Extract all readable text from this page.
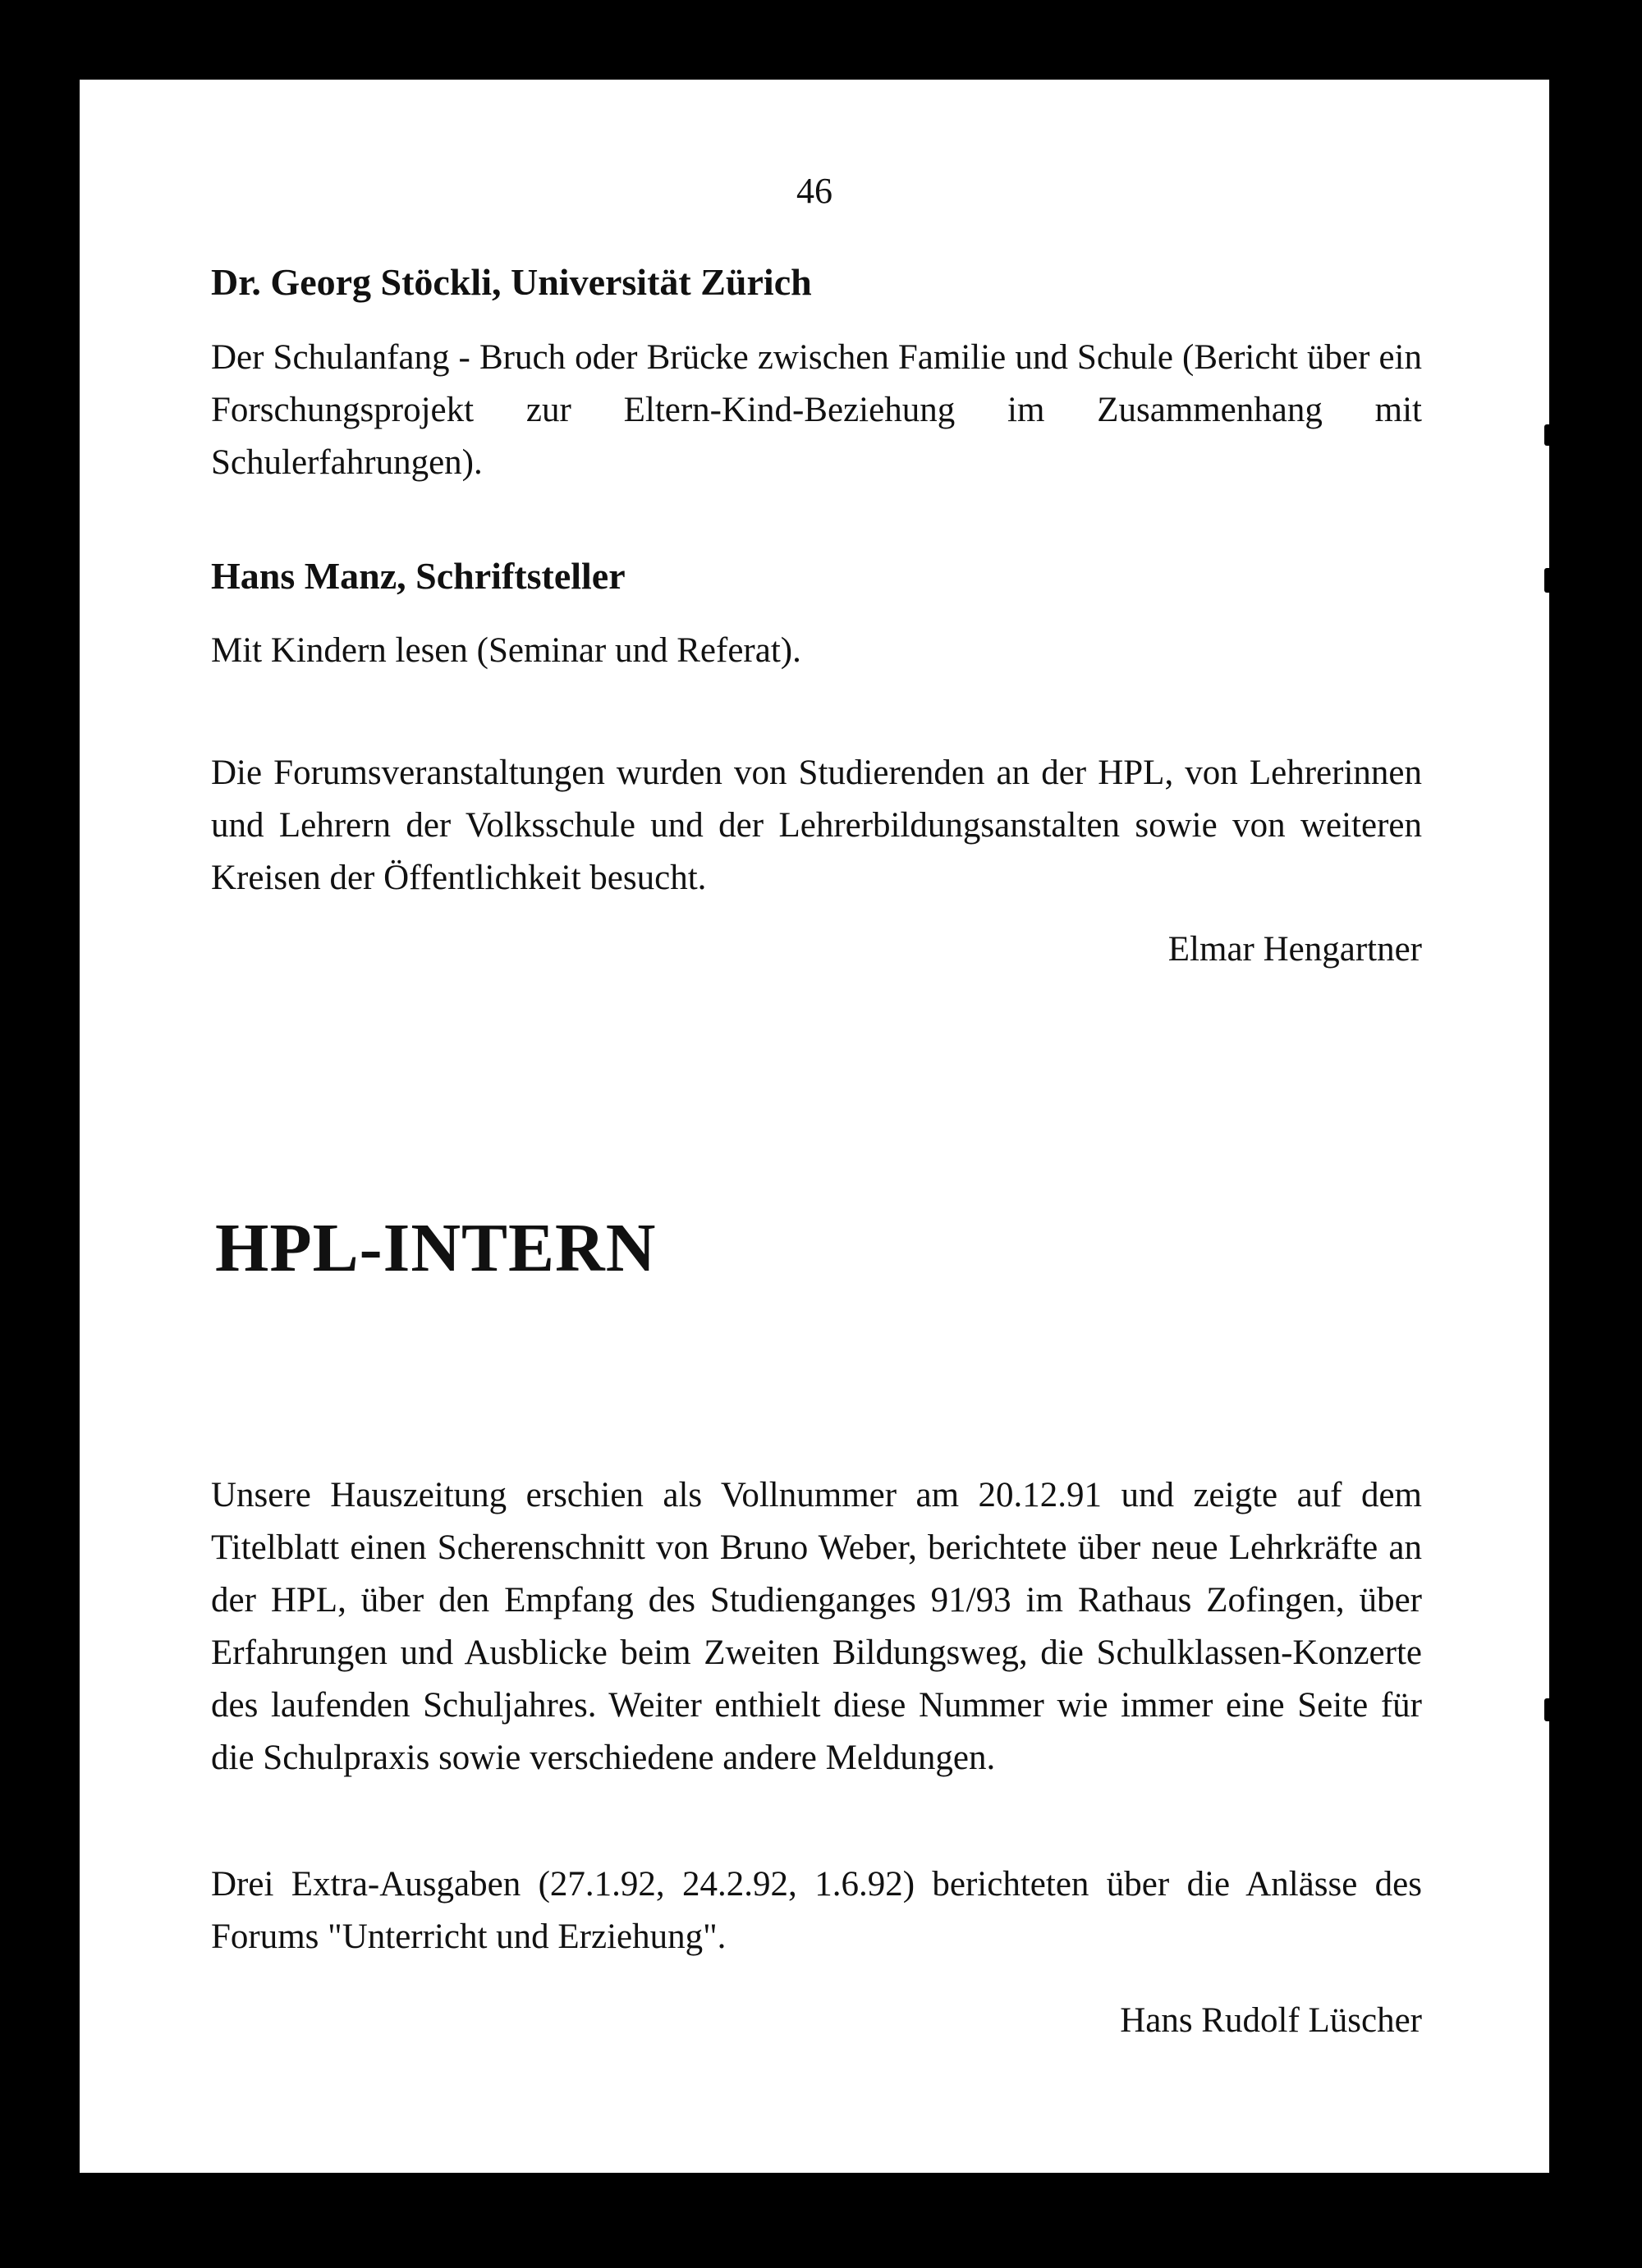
46
Dr. Georg Stöckli, Universität Zürich

Der Schulanfang - Bruch oder Brücke zwischen Familie und Schule (Bericht über ein Forschungsprojekt zur Eltern-Kind-Beziehung im Zusammenhang mit Schulerfahrungen).

Hans Manz, Schriftsteller

Mit Kindern lesen (Seminar und Referat).

Die Forumsveranstaltungen wurden von Studierenden an der HPL, von Lehrerinnen und Lehrern der Volksschule und der Lehrerbildungsanstalten sowie von weiteren Kreisen der Öffentlichkeit besucht.

Elmar Hengartner
HPL-INTERN

Unsere Hauszeitung erschien als Vollnummer am 20.12.91 und zeigte auf dem Titelblatt einen Scherenschnitt von Bruno Weber, berichtete über neue Lehrkräfte an der HPL, über den Empfang des Studienganges 91/93 im Rathaus Zofingen, über Erfahrungen und Ausblicke beim Zweiten Bildungsweg, die Schulklassen-Konzerte des laufenden Schuljahres. Weiter enthielt diese Nummer wie immer eine Seite für die Schulpraxis sowie verschiedene andere Meldungen.

Drei Extra-Ausgaben (27.1.92, 24.2.92, 1.6.92) berichteten über die Anlässe des Forums "Unterricht und Erziehung".

Hans Rudolf Lüscher
